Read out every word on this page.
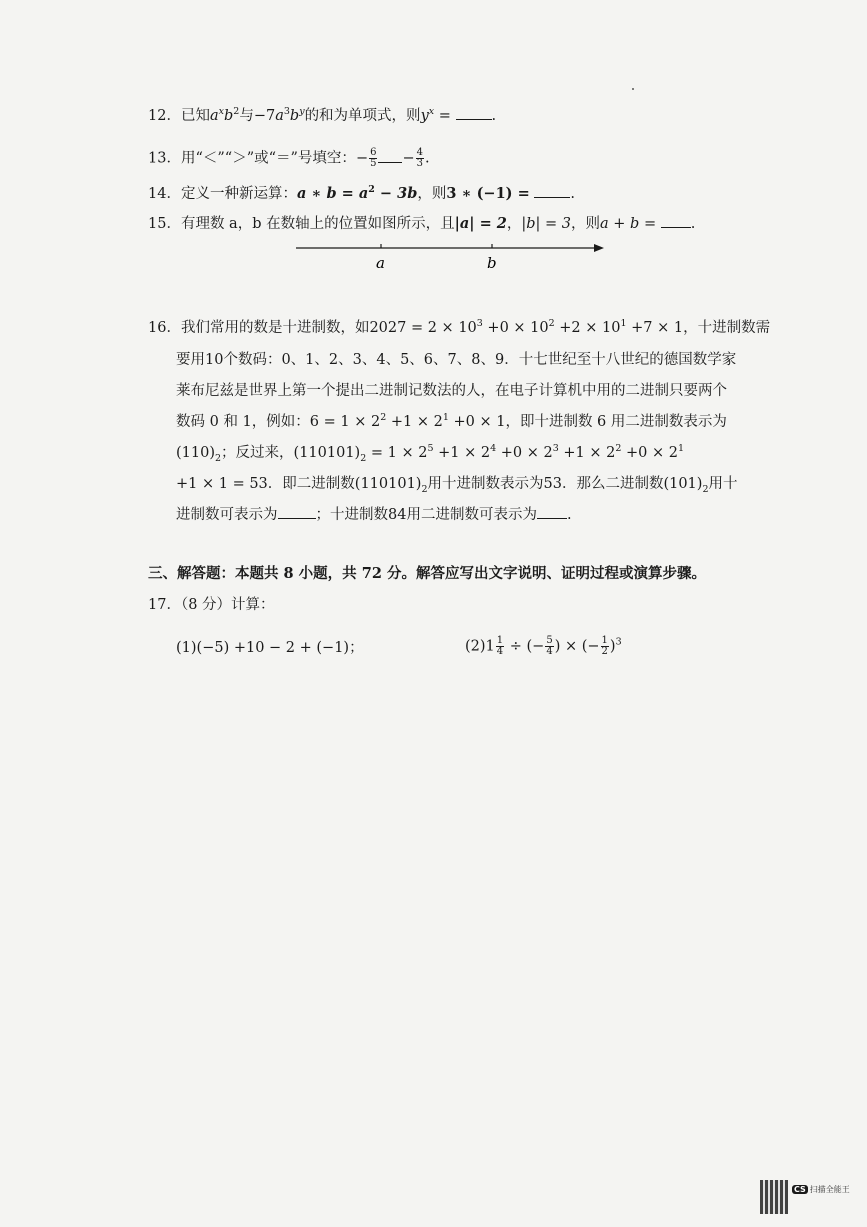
12．已知$a^xb^2$与$-7a^3b^y$的和为单项式，则$y^x$ =	.
13．用“＜”“＞”或“＝”号填空：− $\frac{6}{5} - \frac{4}{3}$ .
14．定义一种新运算：a ∗ $b = a^2 - 3b$，则3 ∗ (−1) =	.
15．有理数 a，b 在数轴上的位置如图所示，且|a| = 2，|b| = 3，则a + b = .
a	b
16．我们常用的数是十进制数，如$2027 = 2 \times 10^3 +0 \times 10^2 +2 \times 10^1 +7 \times 1$，十进制数需
要用10个数码：0、1、2、3、4、5、6、7、8、9．十七世纪至十八世纪的德国数学家
莱布尼兹是世界上第一个提出二进制记数法的人，在电子计算机中用的二进制只要两个
数码 0 和 1，例如：$6 = 1 \times 2^2 +1 \times 2^1 +0 \times 1$，即十进制数 6 用二进制数表示为
$(110)_2$；反过来，$(110101)_2 = 1 \times 2^5 +1 \times 2^4 +0 \times 2^3 +1 \times 2^2 +0 \times 2^1$
+1 × 1 = 53．即二进制数$(110101)_2$用十进制数表示为53．那么二进制数$(101)_2$用十
进制数可表示为	；十进制数84用二进制数可表示为 .
三、解答题：本题共 8 小题，共 72 分。解答应写出文字说明、证明过程或演算步骤。
17．（8 分）计算：
(1)(−5) +10 − 2 + (−1)；	$(2)1 \frac{1}{4}$ ÷ (− $\frac{5}{4}$ ) × (− $\frac{1}{2} )^3$
CS 扫描全能王
